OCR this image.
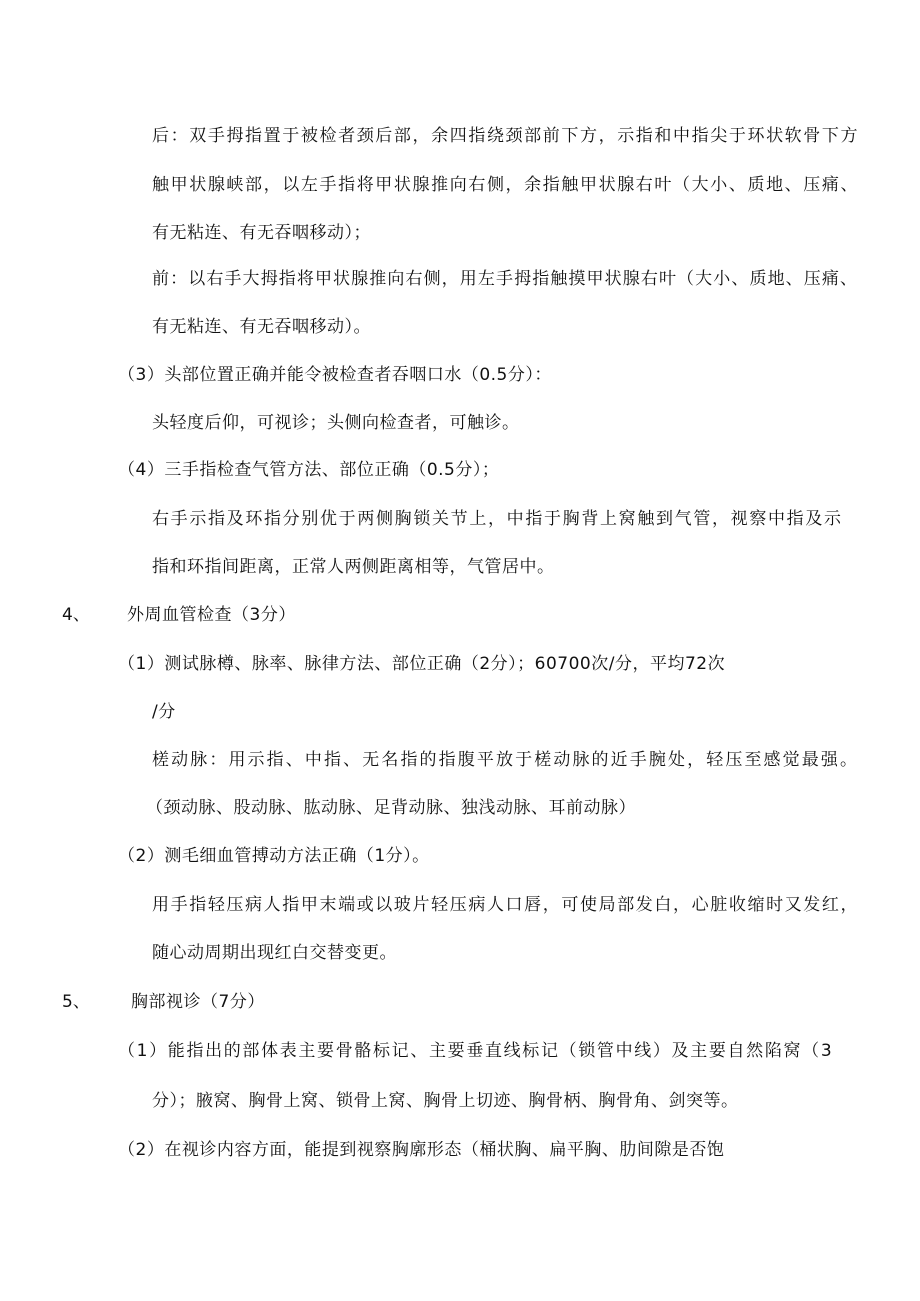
后：双手拇指置于被检者颈后部，余四指绕颈部前下方，示指和中指尖于环状软骨下方
触甲状腺峡部，以左手指将甲状腺推向右侧，余指触甲状腺右叶（大小、质地、压痛、
有无粘连、有无吞咽移动）；
前：以右手大拇指将甲状腺推向右侧，用左手拇指触摸甲状腺右叶（大小、质地、压痛、
有无粘连、有无吞咽移动）。
（3）头部位置正确并能令被检查者吞咽口水（0.5分）：
头轻度后仰，可视诊；头侧向检查者，可触诊。
（4）三手指检查气管方法、部位正确（0.5分）；
右手示指及环指分别优于两侧胸锁关节上，中指于胸背上窝触到气管，视察中指及示
指和环指间距离，正常人两侧距离相等，气管居中。
4、 外周血管检查（3分）
（1）测试脉樽、脉率、脉律方法、部位正确（2分）；60700次/分，平均72次
/分
槎动脉：用示指、中指、无名指的指腹平放于槎动脉的近手腕处，轻压至感觉最强。
（颈动脉、股动脉、肱动脉、足背动脉、独浅动脉、耳前动脉）
（2）测毛细血管搏动方法正确（1分）。
用手指轻压病人指甲末端或以玻片轻压病人口唇，可使局部发白，心脏收缩时又发红，
随心动周期出现红白交替变更。
5、 胸部视诊（7分）
（1）能指出的部体表主要骨骼标记、主要垂直线标记（锁管中线）及主要自然陷窝（3
分）；腋窝、胸骨上窝、锁骨上窝、胸骨上切迹、胸骨柄、胸骨角、剑突等。
（2）在视诊内容方面，能提到视察胸廓形态（桶状胸、扁平胸、肋间隙是否饱
